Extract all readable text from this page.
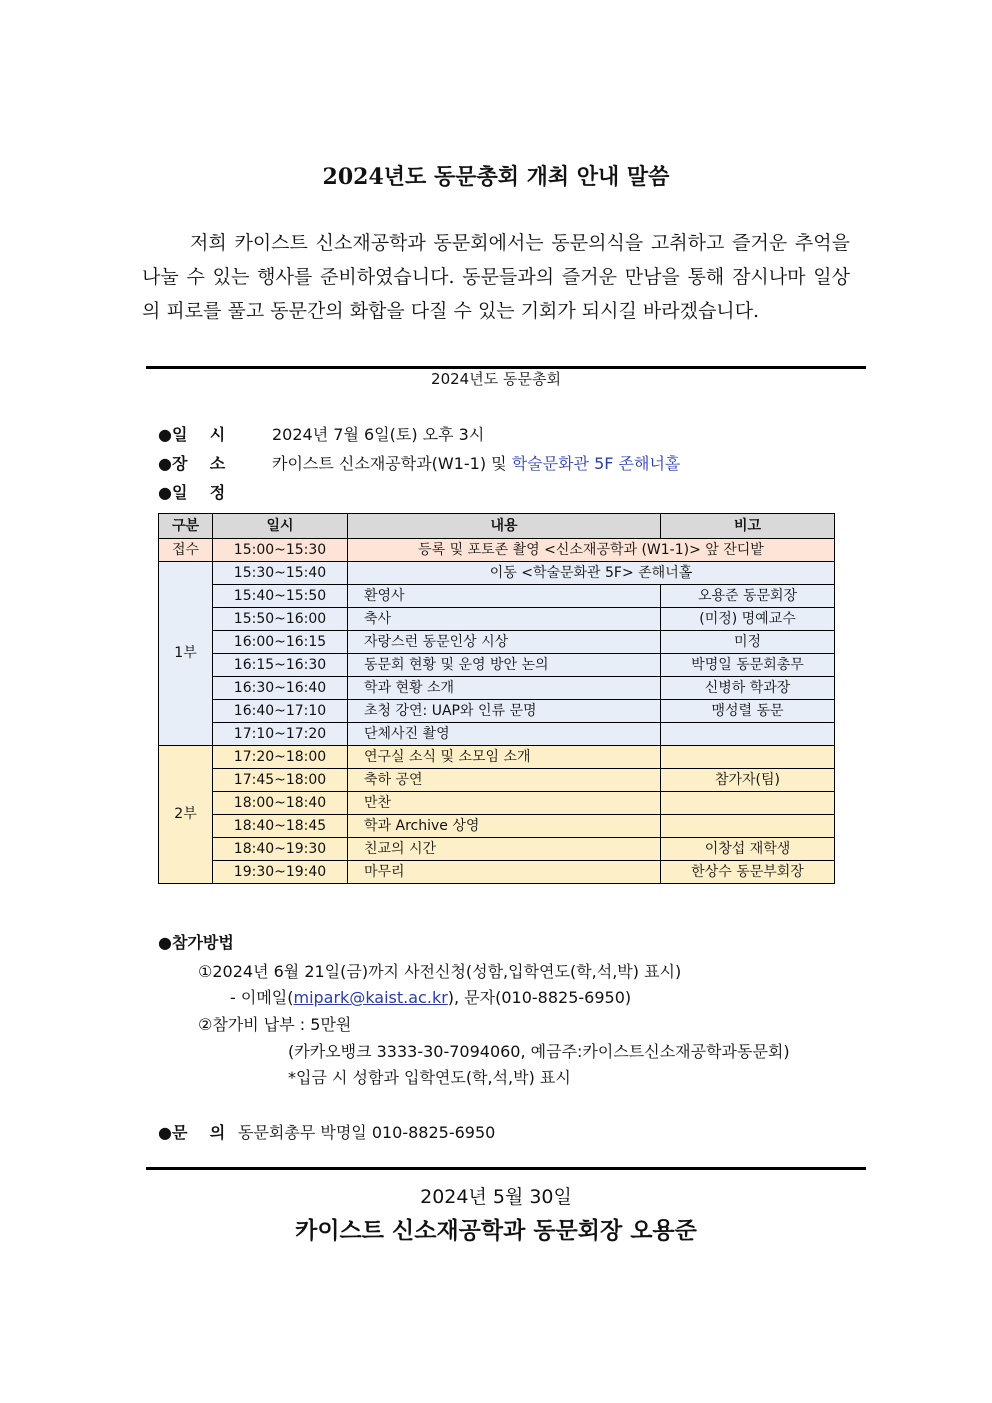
2024년도 동문총회 개최 안내 말씀
저희 카이스트 신소재공학과 동문회에서는 동문의식을 고취하고 즐거운 추억을 나눌 수 있는 행사를 준비하였습니다. 동문들과의 즐거운 만남을 통해 잠시나마 일상의 피로를 풀고 동문간의 화합을 다질 수 있는 기회가 되시길 바라겠습니다.
2024년도 동문총회
●일    시	2024년 7월 6일(토) 오후 3시
●장    소	카이스트 신소재공학과(W1-1) 및 학술문화관 5F 존해너홀
●일    정
구분	일시	내용	비고
접수	15:00~15:30	등록 및 포토존 촬영 <신소재공학과 (W1-1)> 앞 잔디밭	
1부	15:30~15:40	이동 <학술문화관 5F> 존해너홀	
	15:40~15:50	환영사	오용준 동문회장
	15:50~16:00	축사	(미정) 명예교수
	16:00~16:15	자랑스런 동문인상 시상	미정
	16:15~16:30	동문회 현황 및 운영 방안 논의	박명일 동문회총무
	16:30~16:40	학과 현황 소개	신병하 학과장
	16:40~17:10	초청 강연: UAP와 인류 문명	맹성렬 동문
	17:10~17:20	단체사진 촬영	
2부	17:20~18:00	연구실 소식 및 소모임 소개	
	17:45~18:00	축하 공연	참가자(팀)
	18:00~18:40	만찬	
	18:40~18:45	학과 Archive 상영	
	18:40~19:30	친교의 시간	이창섭 재학생
	19:30~19:40	마무리	한상수 동문부회장
●참가방법
①2024년 6월 21일(금)까지 사전신청(성함,입학연도(학,석,박) 표시)
- 이메일(mipark@kaist.ac.kr), 문자(010-8825-6950)
②참가비 납부 : 5만원
(카카오뱅크 3333-30-7094060, 예금주:카이스트신소재공학과동문회)
*입금 시 성함과 입학연도(학,석,박) 표시
●문    의 동문회총무 박명일 010-8825-6950
2024년 5월 30일
카이스트 신소재공학과 동문회장 오용준
